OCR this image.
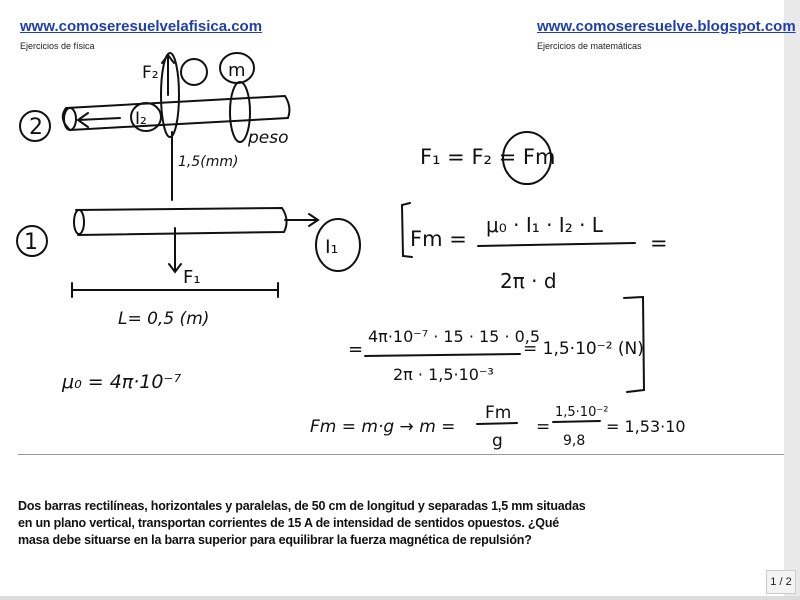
www.comoseresuelvelafisica.com
Ejercicios de física
www.comoseresuelve.blogspot.com
Ejercicios de matemáticas
2
1
I₂
F₂	m
peso
1,5(mm)
I₁
F₁
L= 0,5 (m)
μ₀ = 4π·10⁻⁷
F₁ = F₂ = Fm
Fm =
μ₀ · I₁ · I₂ · L
2π · d
=
=
4π·10⁻⁷ · 15 · 15 · 0,5
2π · 1,5·10⁻³
= 1,5·10⁻² (N)
Fm = m·g → m =
Fm
g
=
1,5·10⁻²
9,8
= 1,53·10
Dos barras rectilíneas, horizontales y paralelas, de 50 cm de longitud y separadas 1,5 mm situadas en un plano vertical, transportan corrientes de 15 A de intensidad de sentidos opuestos. ¿Qué masa debe situarse en la barra superior para equilibrar la fuerza magnética de repulsión?
1 / 2
